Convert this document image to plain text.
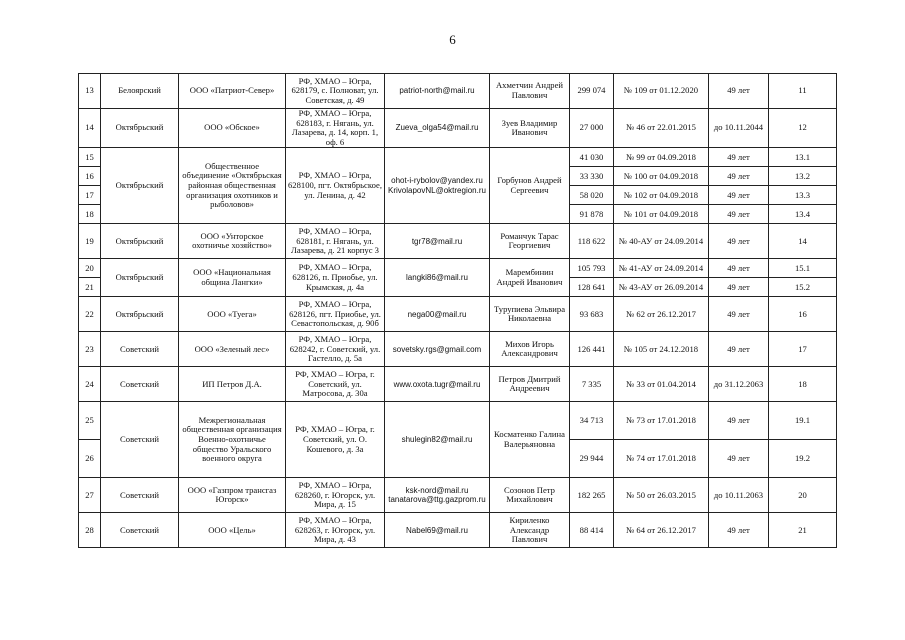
6
13	Белоярский	ООО «Патриот-Север»	РФ, ХМАО – Югра, 628179, с. Полноват, ул. Советская, д. 49	patriot-north@mail.ru	Ахметчин Андрей Павлович	299 074	№ 109 от 01.12.2020	49 лет	11
14	Октябрьский	ООО «Обское»	РФ, ХМАО – Югра, 628183, г. Нягань, ул. Лазарева, д. 14, корп. 1, оф. 6	Zueva_olga54@mail.ru	Зуев Владимир Иванович	27 000	№ 46 от 22.01.2015	до 10.11.2044	12
15	Октябрьский	Общественное объединение «Октябрьская районная общественная организация охотников и рыболовов»	РФ, ХМАО – Югра, 628100, пгт. Октябрьское, ул. Ленина, д. 42	ohot-i-rybolov@yandex.ru KrivolapovNL@oktregion.ru	Горбунов Андрей Сергеевич	41 030	№ 99 от 04.09.2018	49 лет	13.1
16						33 330	№ 100 от 04.09.2018	49 лет	13.2
17						58 020	№ 102 от 04.09.2018	49 лет	13.3
18						91 878	№ 101 от 04.09.2018	49 лет	13.4
19	Октябрьский	ООО «Унторское охотничье хозяйство»	РФ, ХМАО – Югра, 628181, г. Нягань, ул. Лазарева, д. 21 корпус 3	tgr78@mail.ru	Романчук Тарас Георгиевич	118 622	№ 40-АУ от 24.09.2014	49 лет	14
20	Октябрьский	ООО «Национальная община Лангки»	РФ, ХМАО – Югра, 628126, п. Приобье, ул. Крымская, д. 4а	langki86@mail.ru	Марембинин Андрей Иванович	105 793	№ 41-АУ от 24.09.2014	49 лет	15.1
21						128 641	№ 43-АУ от 26.09.2014	49 лет	15.2
22	Октябрьский	ООО «Туега»	РФ, ХМАО – Югра, 628126, пгт. Приобье, ул. Севастопольская, д. 90б	nega00@mail.ru	Турупиева Эльвира Николаевна	93 683	№ 62 от 26.12.2017	49 лет	16
23	Советский	ООО «Зеленый лес»	РФ, ХМАО – Югра, 628242, г. Советский, ул. Гастелло, д. 5а	sovetsky.rgs@gmail.com	Михов Игорь Александрович	126 441	№ 105 от 24.12.2018	49 лет	17
24	Советский	ИП Петров Д.А.	РФ, ХМАО – Югра, г. Советский, ул. Матросова, д. 30а	www.oxota.tugr@mail.ru	Петров Дмитрий Андреевич	7 335	№ 33 от 01.04.2014	до 31.12.2063	18
25	Советский	Межрегиональная общественная организация Военно-охотничье общество Уральского военного округа	РФ, ХМАО – Югра, г. Советский, ул. О. Кошевого, д. 3а	shulegin82@mail.ru	Косматенко Галина Валерьяновна	34 713	№ 73 от 17.01.2018	49 лет	19.1
26						29 944	№ 74 от 17.01.2018	49 лет	19.2
27	Советский	ООО «Газпром трансгаз Югорск»	РФ, ХМАО – Югра, 628260, г. Югорск, ул. Мира, д. 15	ksk-nord@mail.ru tanatarova@ttg.gazprom.ru	Созонов Петр Михайлович	182 265	№ 50 от 26.03.2015	до 10.11.2063	20
28	Советский	ООО «Цель»	РФ, ХМАО – Югра, 628263, г. Югорск, ул. Мира, д. 43	Nabel69@mail.ru	Кириленко Александр Павлович	88 414	№ 64 от 26.12.2017	49 лет	21
